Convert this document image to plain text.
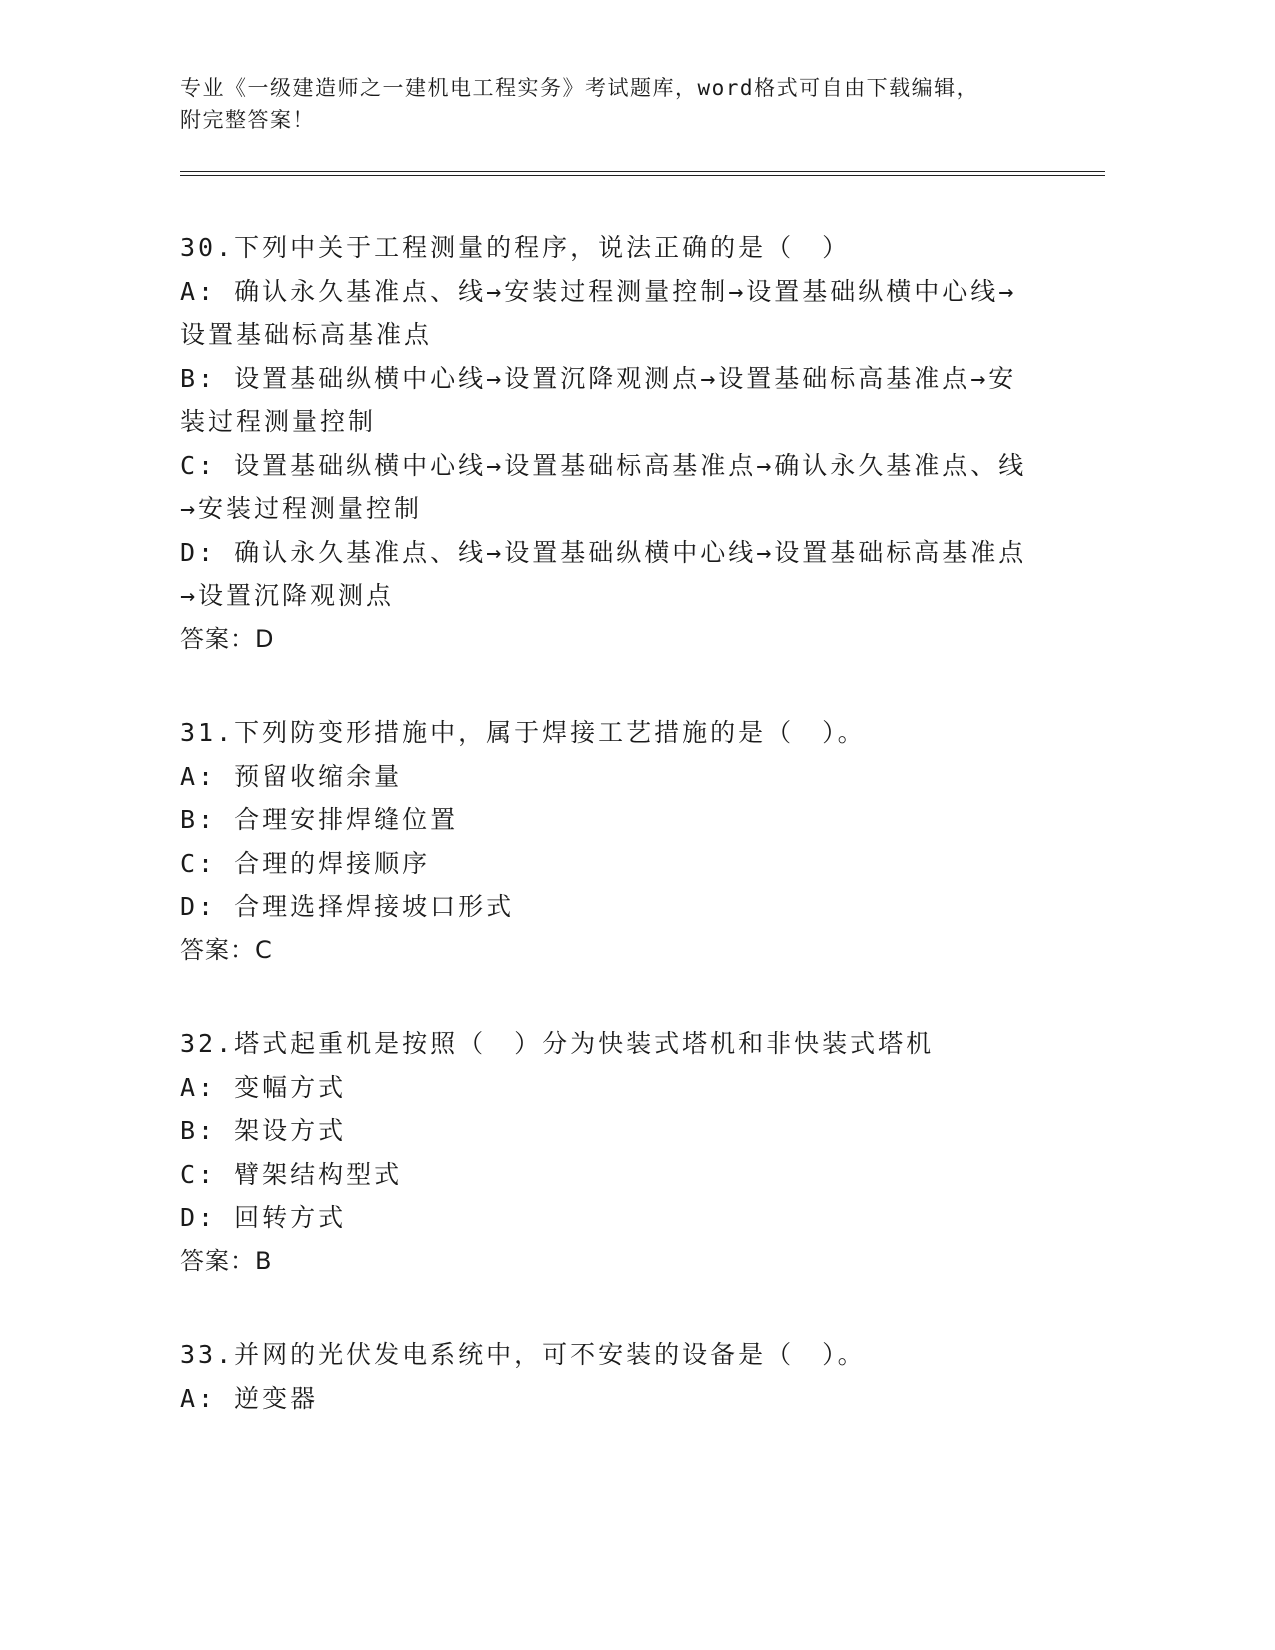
专业《一级建造师之一建机电工程实务》考试题库，word格式可自由下载编辑，
附完整答案！
30.下列中关于工程测量的程序，说法正确的是（　）
A: 确认永久基准点、线→安装过程测量控制→设置基础纵横中心线→设置基础标高基准点
B: 设置基础纵横中心线→设置沉降观测点→设置基础标高基准点→安装过程测量控制
C: 设置基础纵横中心线→设置基础标高基准点→确认永久基准点、线→安装过程测量控制
D: 确认永久基准点、线→设置基础纵横中心线→设置基础标高基准点→设置沉降观测点
答案：D
31.下列防变形措施中，属于焊接工艺措施的是（　）。
A: 预留收缩余量
B: 合理安排焊缝位置
C: 合理的焊接顺序
D: 合理选择焊接坡口形式
答案：C
32.塔式起重机是按照（　）分为快装式塔机和非快装式塔机
A: 变幅方式
B: 架设方式
C: 臂架结构型式
D: 回转方式
答案：B
33.并网的光伏发电系统中，可不安装的设备是（　）。
A: 逆变器
